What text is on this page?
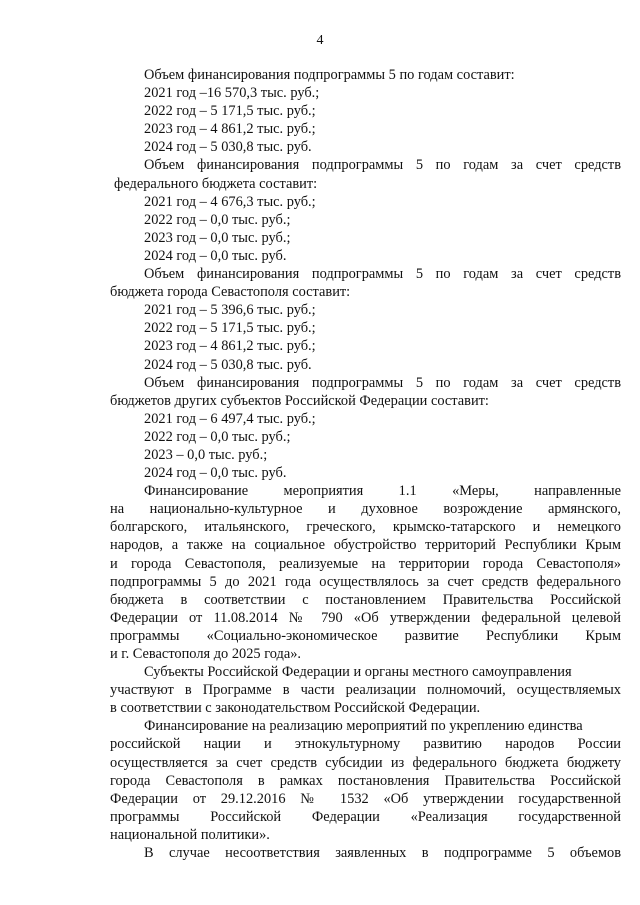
4
Объем финансирования подпрограммы 5 по годам составит:
2021 год –16 570,3 тыс. руб.;
2022 год – 5 171,5 тыс. руб.;
2023 год – 4 861,2 тыс. руб.;
2024 год – 5 030,8 тыс. руб.
Объем финансирования подпрограммы 5 по годам за счет средств
федерального бюджета составит:
2021 год – 4 676,3 тыс. руб.;
2022 год – 0,0 тыс. руб.;
2023 год – 0,0 тыс. руб.;
2024 год – 0,0 тыс. руб.
Объем финансирования подпрограммы 5 по годам за счет средств
бюджета города Севастополя составит:
2021 год – 5 396,6 тыс. руб.;
2022 год – 5 171,5 тыс. руб.;
2023 год – 4 861,2 тыс. руб.;
2024 год – 5 030,8 тыс. руб.
Объем финансирования подпрограммы 5 по годам за счет средств
бюджетов других субъектов Российской Федерации составит:
2021 год – 6 497,4 тыс. руб.;
2022 год – 0,0 тыс. руб.;
2023 – 0,0 тыс. руб.;
2024 год – 0,0 тыс. руб.
Финансирование мероприятия 1.1 «Меры, направленные
на национально-культурное и духовное возрождение армянского,
болгарского, итальянского, греческого, крымско-татарского и немецкого
народов, а также на социальное обустройство территорий Республики Крым
и города Севастополя, реализуемые на территории города Севастополя»
подпрограммы 5 до 2021 года осуществлялось за счет средств федерального
бюджета в соответствии с постановлением Правительства Российской
Федерации от 11.08.2014 № 790 «Об утверждении федеральной целевой
программы «Социально-экономическое развитие Республики Крым
и г. Севастополя до 2025 года».
Субъекты Российской Федерации и органы местного самоуправления
участвуют в Программе в части реализации полномочий, осуществляемых
в соответствии с законодательством Российской Федерации.
Финансирование на реализацию мероприятий по укреплению единства
российской нации и этнокультурному развитию народов России
осуществляется за счет средств субсидии из федерального бюджета бюджету
города Севастополя в рамках постановления Правительства Российской
Федерации от 29.12.2016 № 1532 «Об утверждении государственной
программы Российской Федерации «Реализация государственной
национальной политики».
В случае несоответствия заявленных в подпрограмме 5 объемов
